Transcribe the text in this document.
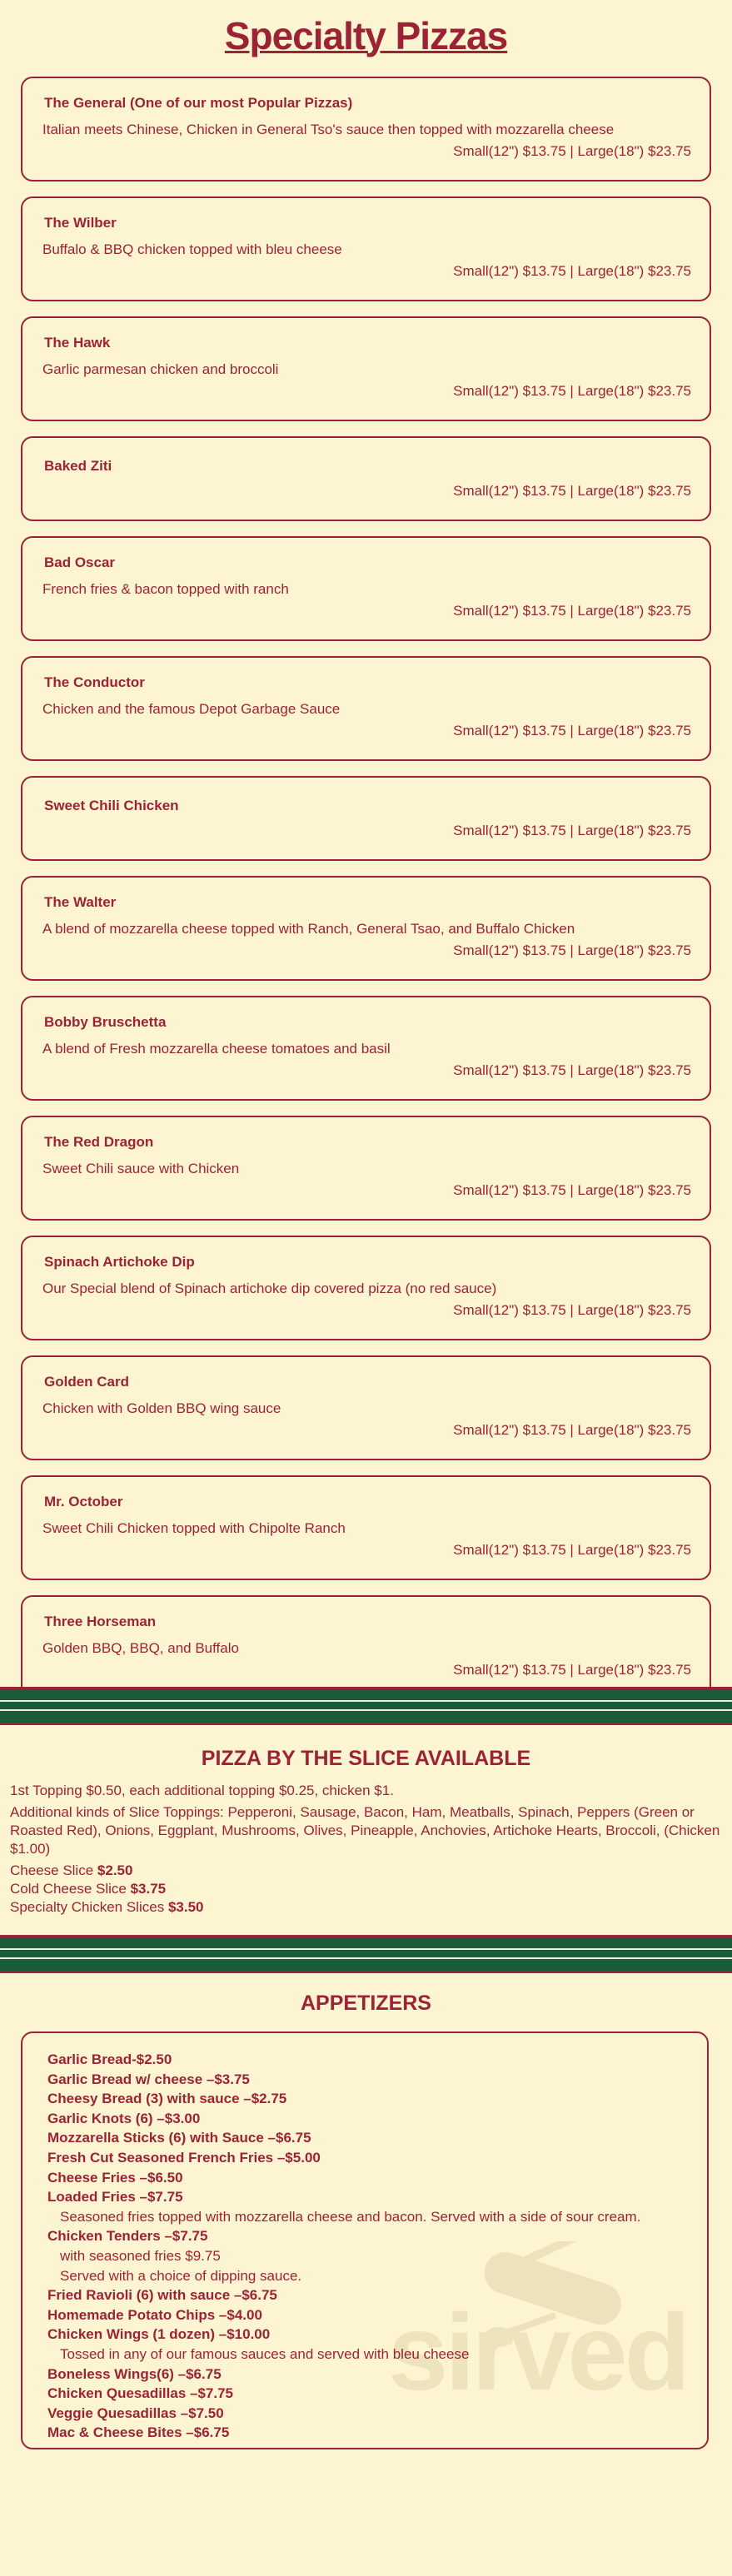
Specialty Pizzas
The General (One of our most Popular Pizzas)
Italian meets Chinese, Chicken in General Tso's sauce then topped with mozzarella cheese
Small(12") $13.75 | Large(18") $23.75
The Wilber
Buffalo & BBQ chicken topped with bleu cheese
Small(12") $13.75 | Large(18") $23.75
The Hawk
Garlic parmesan chicken and broccoli
Small(12") $13.75 | Large(18") $23.75
Baked Ziti
Small(12") $13.75 | Large(18") $23.75
Bad Oscar
French fries & bacon topped with ranch
Small(12") $13.75 | Large(18") $23.75
The Conductor
Chicken and the famous Depot Garbage Sauce
Small(12") $13.75 | Large(18") $23.75
Sweet Chili Chicken
Small(12") $13.75 | Large(18") $23.75
The Walter
A blend of mozzarella cheese topped with Ranch, General Tsao, and Buffalo Chicken
Small(12") $13.75 | Large(18") $23.75
Bobby Bruschetta
A blend of Fresh mozzarella cheese tomatoes and basil
Small(12") $13.75 | Large(18") $23.75
The Red Dragon
Sweet Chili sauce with Chicken
Small(12") $13.75 | Large(18") $23.75
Spinach Artichoke Dip
Our Special blend of Spinach artichoke dip covered pizza (no red sauce)
Small(12") $13.75 | Large(18") $23.75
Golden Card
Chicken with Golden BBQ wing sauce
Small(12") $13.75 | Large(18") $23.75
Mr. October
Sweet Chili Chicken topped with Chipolte Ranch
Small(12") $13.75 | Large(18") $23.75
Three Horseman
Golden BBQ, BBQ, and Buffalo
Small(12") $13.75 | Large(18") $23.75
PIZZA BY THE SLICE AVAILABLE

1st Topping $0.50, each additional topping $0.25, chicken $1.

Additional kinds of Slice Toppings: Pepperoni, Sausage, Bacon, Ham, Meatballs, Spinach, Peppers (Green or Roasted Red), Onions, Eggplant, Mushrooms, Olives, Pineapple, Anchovies, Artichoke Hearts, Broccoli, (Chicken $1.00)

Cheese Slice $2.50

Cold Cheese Slice $3.75

Specialty Chicken Slices $3.50

APPETIZERS
sirved
Garlic Bread-$2.50
Garlic Bread w/ cheese –$3.75
Cheesy Bread (3) with sauce –$2.75
Garlic Knots (6) –$3.00
Mozzarella Sticks (6) with Sauce –$6.75
Fresh Cut Seasoned French Fries –$5.00
Cheese Fries –$6.50
Loaded Fries –$7.75
Seasoned fries topped with mozzarella cheese and bacon. Served with a side of sour cream.
Chicken Tenders –$7.75
with seasoned fries $9.75
Served with a choice of dipping sauce.
Fried Ravioli (6) with sauce –$6.75
Homemade Potato Chips –$4.00
Chicken Wings (1 dozen) –$10.00
Tossed in any of our famous sauces and served with bleu cheese
Boneless Wings(6) –$6.75
Chicken Quesadillas –$7.75
Veggie Quesadillas –$7.50
Mac & Cheese Bites –$6.75
